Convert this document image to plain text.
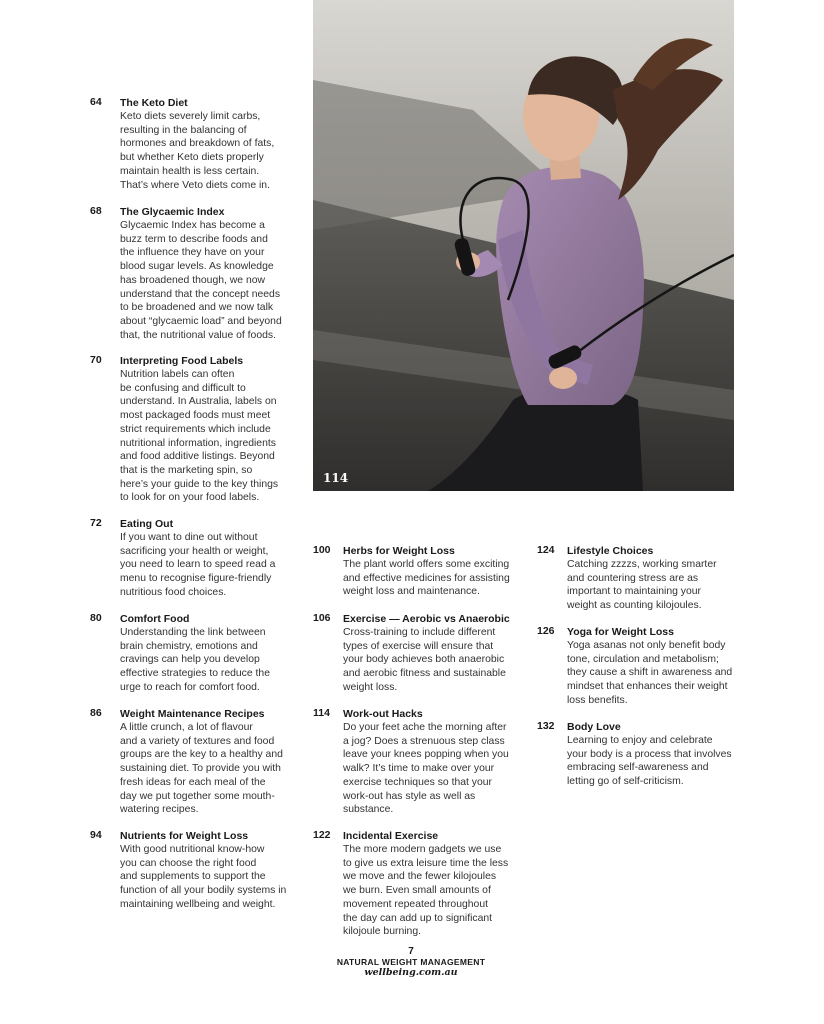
114
64 The Keto Diet
Keto diets severely limit carbs,
resulting in the balancing of
hormones and breakdown of fats,
but whether Keto diets properly
maintain health is less certain.
That’s where Veto diets come in.
68 The Glycaemic Index
Glycaemic Index has become a
buzz term to describe foods and
the influence they have on your
blood sugar levels. As knowledge
has broadened though, we now
understand that the concept needs
to be broadened and we now talk
about “glycaemic load” and beyond
that, the nutritional value of foods.
70 Interpreting Food Labels
Nutrition labels can often
be confusing and difficult to
understand. In Australia, labels on
most packaged foods must meet
strict requirements which include
nutritional information, ingredients
and food additive listings. Beyond
that is the marketing spin, so
here’s your guide to the key things
to look for on your food labels.
72 Eating Out
If you want to dine out without
sacrificing your health or weight,
you need to learn to speed read a
menu to recognise figure-friendly
nutritious food choices.
80 Comfort Food
Understanding the link between
brain chemistry, emotions and
cravings can help you develop
effective strategies to reduce the
urge to reach for comfort food.
86 Weight Maintenance Recipes
A little crunch, a lot of flavour
and a variety of textures and food
groups are the key to a healthy and
sustaining diet. To provide you with
fresh ideas for each meal of the
day we put together some mouth-
watering recipes.
94 Nutrients for Weight Loss
With good nutritional know-how
you can choose the right food
and supplements to support the
function of all your bodily systems in
maintaining wellbeing and weight.
100 Herbs for Weight Loss
The plant world offers some exciting
and effective medicines for assisting
weight loss and maintenance.
106 Exercise — Aerobic vs Anaerobic
Cross-training to include different
types of exercise will ensure that
your body achieves both anaerobic
and aerobic fitness and sustainable
weight loss.
114 Work-out Hacks
Do your feet ache the morning after
a jog? Does a strenuous step class
leave your knees popping when you
walk? It’s time to make over your
exercise techniques so that your
work-out has style as well as
substance.
122 Incidental Exercise
The more modern gadgets we use
to give us extra leisure time the less
we move and the fewer kilojoules
we burn. Even small amounts of
movement repeated throughout
the day can add up to significant
kilojoule burning.
124 Lifestyle Choices
Catching zzzzs, working smarter
and countering stress are as
important to maintaining your
weight as counting kilojoules.
126 Yoga for Weight Loss
Yoga asanas not only benefit body
tone, circulation and metabolism;
they cause a shift in awareness and
mindset that enhances their weight
loss benefits.
132 Body Love
Learning to enjoy and celebrate
your body is a process that involves
embracing self-awareness and
letting go of self-criticism.
7
NATURAL WEIGHT MANAGEMENT
wellbeing.com.au
